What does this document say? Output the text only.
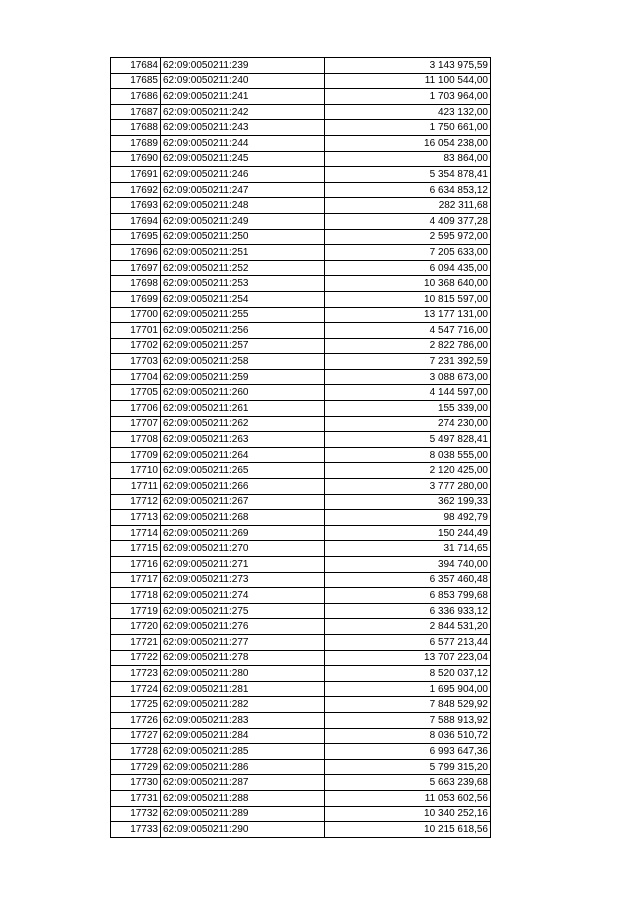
17684	62:09:0050211:239	3 143 975,59
17685	62:09:0050211:240	11 100 544,00
17686	62:09:0050211:241	1 703 964,00
17687	62:09:0050211:242	423 132,00
17688	62:09:0050211:243	1 750 661,00
17689	62:09:0050211:244	16 054 238,00
17690	62:09:0050211:245	83 864,00
17691	62:09:0050211:246	5 354 878,41
17692	62:09:0050211:247	6 634 853,12
17693	62:09:0050211:248	282 311,68
17694	62:09:0050211:249	4 409 377,28
17695	62:09:0050211:250	2 595 972,00
17696	62:09:0050211:251	7 205 633,00
17697	62:09:0050211:252	6 094 435,00
17698	62:09:0050211:253	10 368 640,00
17699	62:09:0050211:254	10 815 597,00
17700	62:09:0050211:255	13 177 131,00
17701	62:09:0050211:256	4 547 716,00
17702	62:09:0050211:257	2 822 786,00
17703	62:09:0050211:258	7 231 392,59
17704	62:09:0050211:259	3 088 673,00
17705	62:09:0050211:260	4 144 597,00
17706	62:09:0050211:261	155 339,00
17707	62:09:0050211:262	274 230,00
17708	62:09:0050211:263	5 497 828,41
17709	62:09:0050211:264	8 038 555,00
17710	62:09:0050211:265	2 120 425,00
17711	62:09:0050211:266	3 777 280,00
17712	62:09:0050211:267	362 199,33
17713	62:09:0050211:268	98 492,79
17714	62:09:0050211:269	150 244,49
17715	62:09:0050211:270	31 714,65
17716	62:09:0050211:271	394 740,00
17717	62:09:0050211:273	6 357 460,48
17718	62:09:0050211:274	6 853 799,68
17719	62:09:0050211:275	6 336 933,12
17720	62:09:0050211:276	2 844 531,20
17721	62:09:0050211:277	6 577 213,44
17722	62:09:0050211:278	13 707 223,04
17723	62:09:0050211:280	8 520 037,12
17724	62:09:0050211:281	1 695 904,00
17725	62:09:0050211:282	7 848 529,92
17726	62:09:0050211:283	7 588 913,92
17727	62:09:0050211:284	8 036 510,72
17728	62:09:0050211:285	6 993 647,36
17729	62:09:0050211:286	5 799 315,20
17730	62:09:0050211:287	5 663 239,68
17731	62:09:0050211:288	11 053 602,56
17732	62:09:0050211:289	10 340 252,16
17733	62:09:0050211:290	10 215 618,56
